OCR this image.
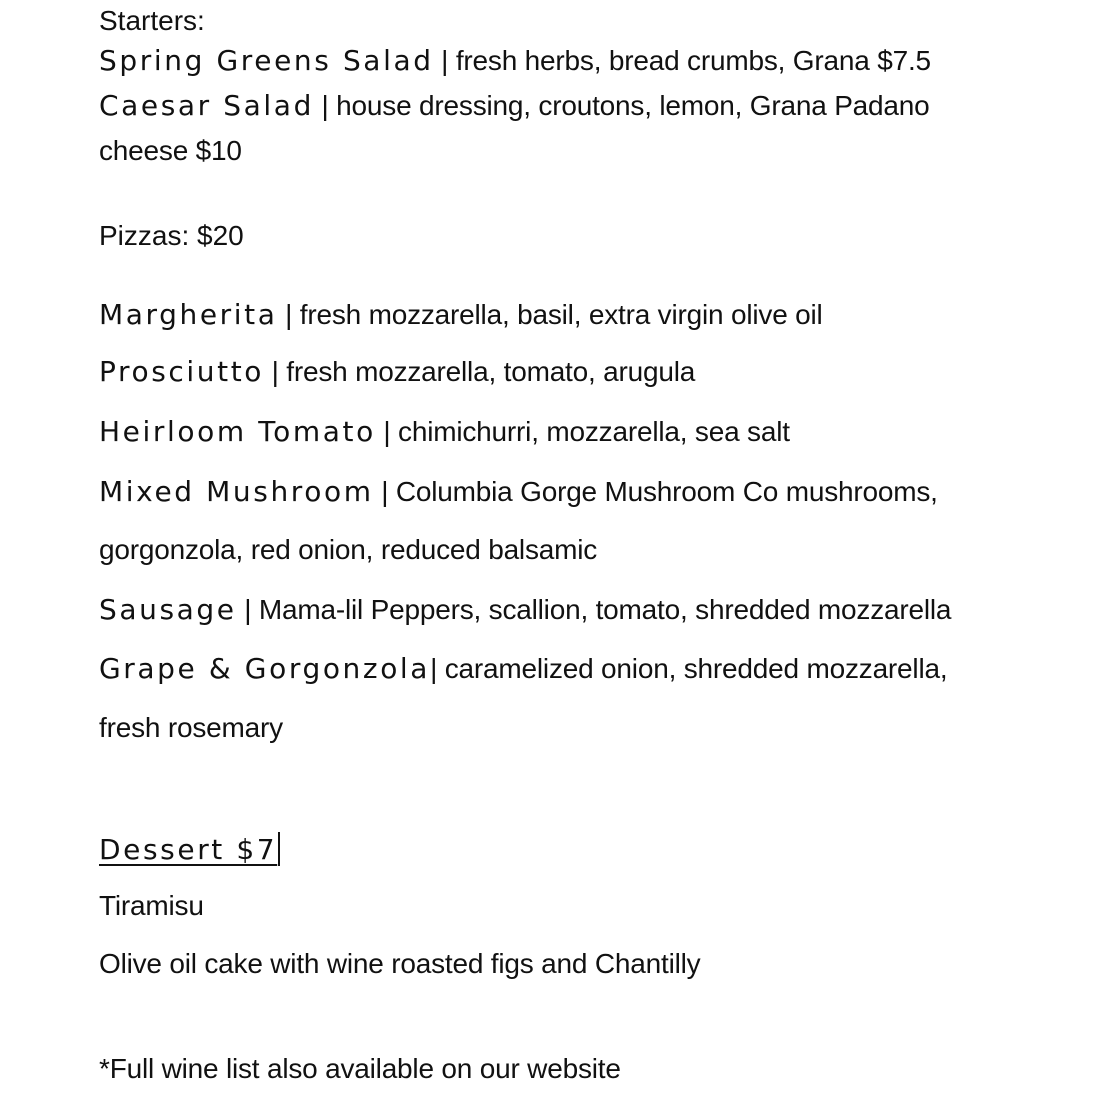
Starters:
Spring Greens Salad | fresh herbs, bread crumbs, Grana $7.5
Caesar Salad | house dressing, croutons, lemon, Grana Padano
cheese $10
Pizzas: $20
Margherita | fresh mozzarella, basil, extra virgin olive oil
Prosciutto | fresh mozzarella, tomato, arugula
Heirloom Tomato | chimichurri, mozzarella, sea salt
Mixed Mushroom | Columbia Gorge Mushroom Co mushrooms,
gorgonzola, red onion, reduced balsamic
Sausage | Mama-lil Peppers, scallion, tomato, shredded mozzarella
Grape & Gorgonzola| caramelized onion, shredded mozzarella,
fresh rosemary
Dessert $7
Tiramisu
Olive oil cake with wine roasted figs and Chantilly
*Full wine list also available on our website
